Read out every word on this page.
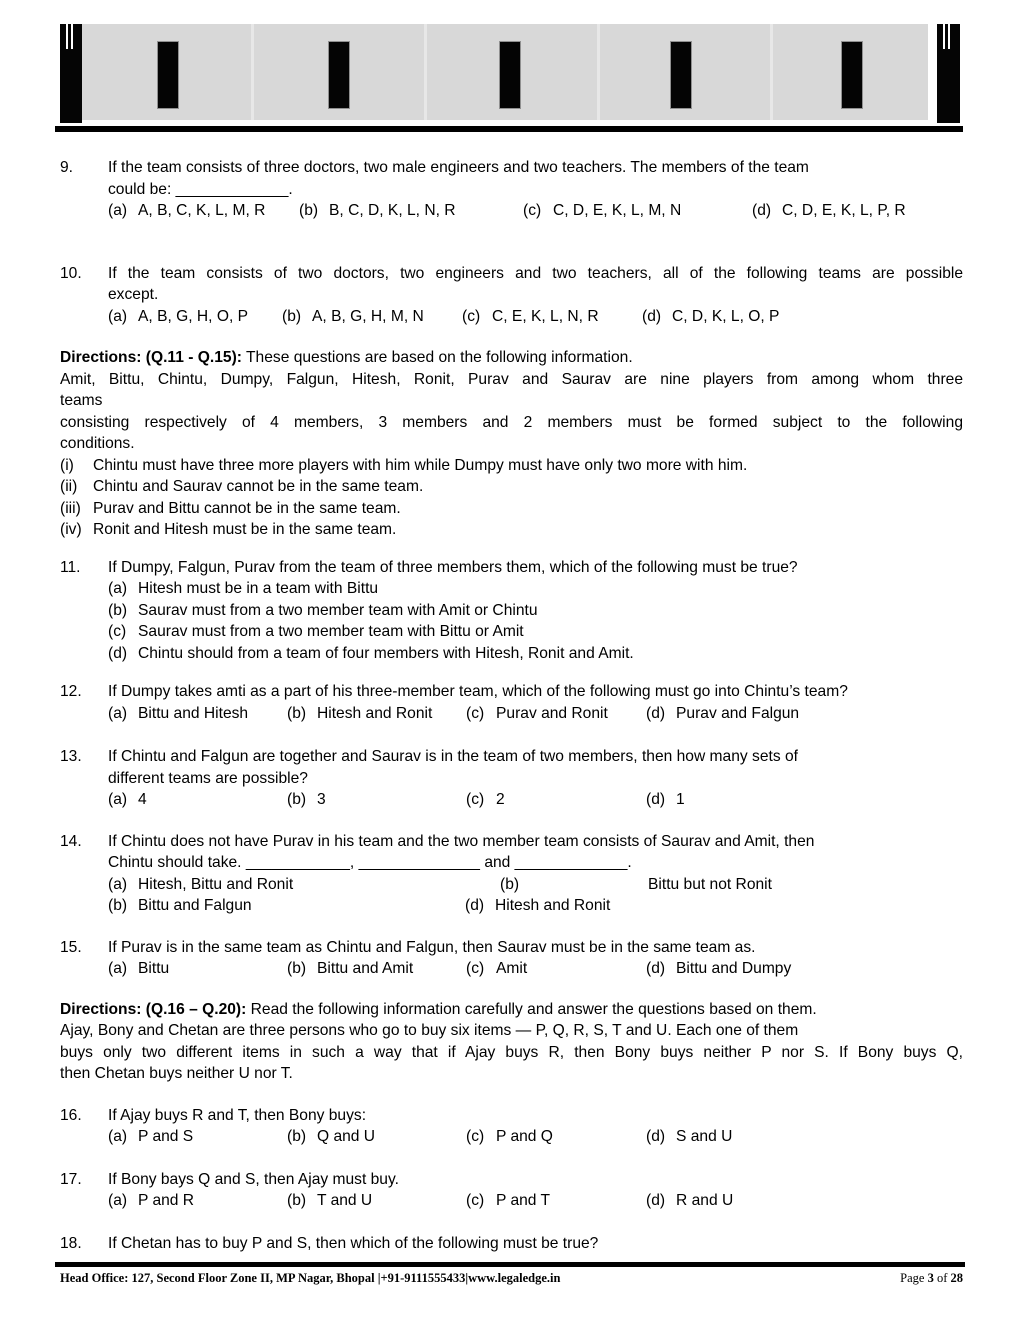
9.	If the team consists of three doctors, two male engineers and two teachers. The members of the team
could be: _____________.
(a) A, B, C, K, L, M, R (b) B, C, D, K, L, N, R	(c) C, D, E, K, L, M, N	(d) C, D, E, K, L, P, R
10.	If the team consists of two doctors, two engineers and two teachers, all of the following teams are possible
except.
(a) A, B, G, H, O, P (b) A, B, G, H, M, N (c) C, E, K, L, N, R	(d) C, D, K, L, O, P
Directions: (Q.11 - Q.15): These questions are based on the following information.
Amit, Bittu, Chintu, Dumpy, Falgun, Hitesh, Ronit, Purav and Saurav are nine players from among whom three
teams
consisting respectively of 4 members, 3 members and 2 members must be formed subject to the following
conditions.
(i)	Chintu must have three more players with him while Dumpy must have only two more with him.
(ii)	Chintu and Saurav cannot be in the same team.
(iii) Purav and Bittu cannot be in the same team.
(iv) Ronit and Hitesh must be in the same team.
11.	If Dumpy, Falgun, Purav from the team of three members them, which of the following must be true?
(a) Hitesh must be in a team with Bittu
(b) Saurav must from a two member team with Amit or Chintu
(c) Saurav must from a two member team with Bittu or Amit
(d) Chintu should from a team of four members with Hitesh, Ronit and Amit.
12.	If Dumpy takes amti as a part of his three-member team, which of the following must go into Chintu’s team?
(a) Bittu and Hitesh (b) Hitesh and Ronit (c) Purav and Ronit (d) Purav and Falgun
13.	If Chintu and Falgun are together and Saurav is in the team of two members, then how many sets of
different teams are possible?
(a) 4	(b) 3	(c) 2	(d) 1
14.	If Chintu does not have Purav in his team and the two member team consists of Saurav and Amit, then
Chintu should take. ____________, ______________ and _____________.
(a) Hitesh, Bittu and Ronit	(b)	Bittu but not Ronit
(b) Bittu and Falgun	(d) Hitesh and Ronit
15.	If Purav is in the same team as Chintu and Falgun, then Saurav must be in the same team as.
(a) Bittu	(b) Bittu and Amit	(c) Amit	(d) Bittu and Dumpy
Directions: (Q.16 – Q.20): Read the following information carefully and answer the questions based on them.
Ajay, Bony and Chetan are three persons who go to buy six items — P, Q, R, S, T and U. Each one of them
buys only two different items in such a way that if Ajay buys R, then Bony buys neither P nor S. If Bony buys Q,
then Chetan buys neither U nor T.
16.	If Ajay buys R and T, then Bony buys:
(a) P and S	(b) Q and U	(c) P and Q	(d) S and U
17.	If Bony bays Q and S, then Ajay must buy.
(a) P and R	(b) T and U	(c) P and T	(d) R and U
18.	If Chetan has to buy P and S, then which of the following must be true?
Head Office: 127, Second Floor Zone II, MP Nagar, Bhopal |+91-9111555433|www.legaledge.in	Page 3 of 28
